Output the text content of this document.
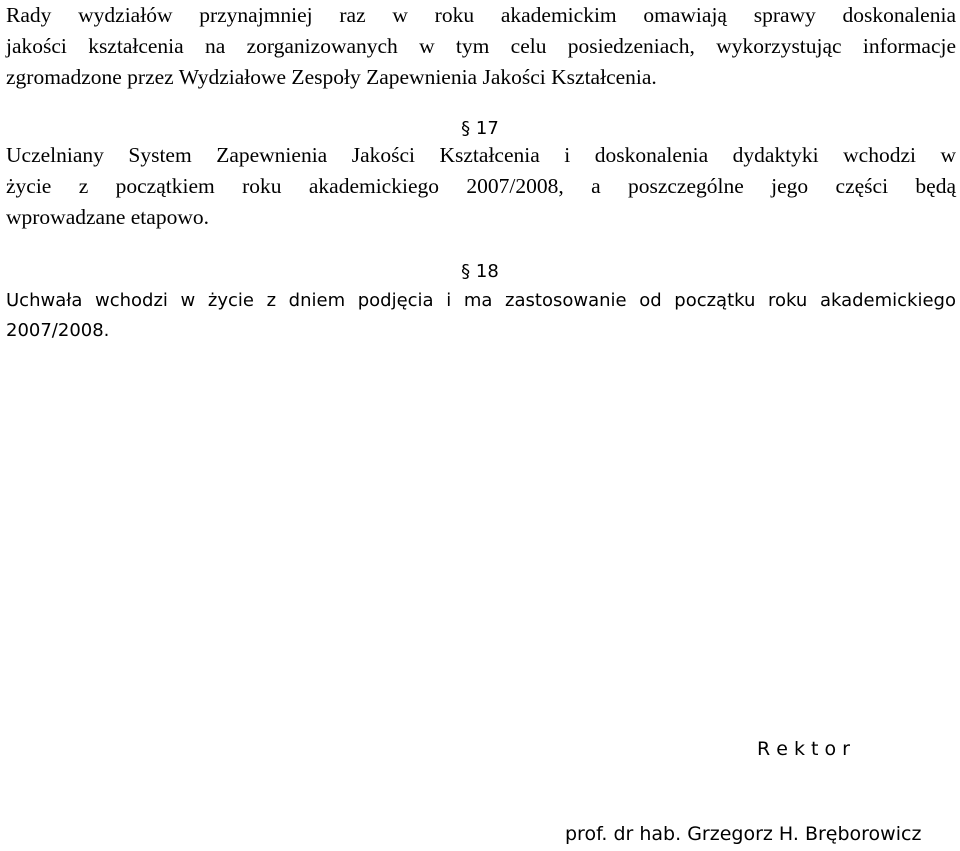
Rady wydziałów przynajmniej raz w roku akademickim omawiają sprawy doskonalenia
jakości kształcenia na zorganizowanych w tym celu posiedzeniach, wykorzystując informacje
zgromadzone przez Wydziałowe Zespoły Zapewnienia Jakości Kształcenia.

§ 17

Uczelniany System Zapewnienia Jakości Kształcenia i doskonalenia dydaktyki wchodzi w
życie z początkiem roku akademickiego 2007/2008, a poszczególne jego części będą
wprowadzane etapowo.

§ 18

Uchwała wchodzi w życie z dniem podjęcia i ma zastosowanie od początku roku akademickiego
2007/2008.

R e k t o r
prof. dr hab. Grzegorz H. Bręborowicz
